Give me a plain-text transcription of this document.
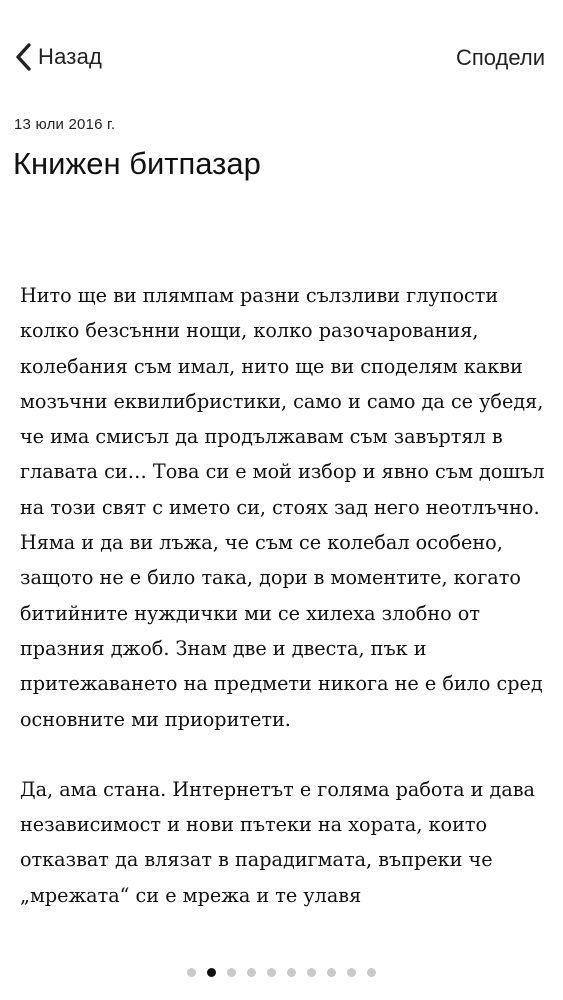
Назад	Сподели
13 юли 2016 г.
Книжен битпазар

Нито ще ви плямпам разни сълзливи глупости колко безсънни нощи, колко разочарования, колебания съм имал, нито ще ви споделям какви мозъчни еквилибристики, само и само да се убедя, че има смисъл да продължавам съм завъртял в главата си… Това си е мой избор и явно съм дошъл на този свят с името си, стоях зад него неотлъчно. Няма и да ви лъжа, че съм се колебал особено, защото не е било така, дори в моментите, когато битийните нуждички ми се хилеха злобно от празния джоб. Знам две и двеста, пък и притежаването на предмети никога не е било сред основните ми приоритети.

Да, ама стана. Интернетът е голяма работа и дава независимост и нови пътеки на хората, които отказват да влязат в парадигмата, въпреки че „мрежата“ си е мрежа и те улавя
